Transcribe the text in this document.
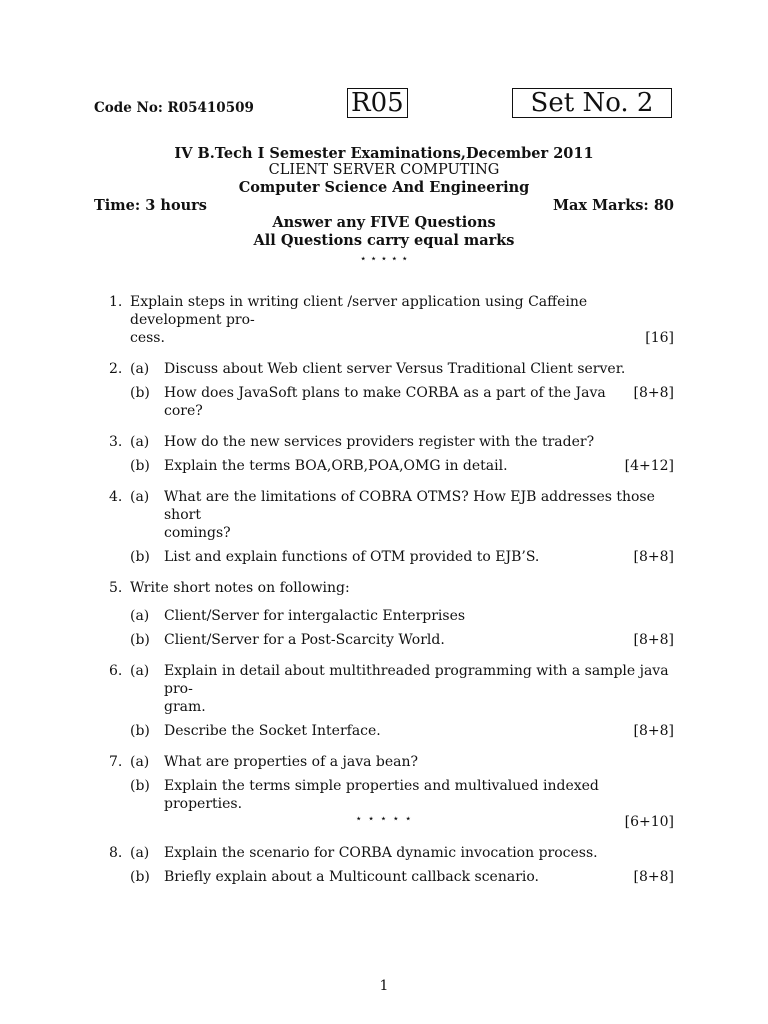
Code No: R05410509	R05	Set No. 2
IV B.Tech I Semester Examinations,December 2011
CLIENT SERVER COMPUTING
Computer Science And Engineering
Time: 3 hours	Max Marks: 80
Answer any FIVE Questions
All Questions carry equal marks
⋆ ⋆ ⋆ ⋆ ⋆
1. Explain steps in writing client /server application using Caffeine development pro-
cess.	[16]
2. (a) Discuss about Web client server Versus Traditional Client server.
(b)	[8+8]
How does JavaSoft plans to make CORBA as a part of the Java core?
3. (a) How do the new services providers register with the trader?
(b)	[4+12]
Explain the terms BOA,ORB,POA,OMG in detail.
4. (a) What are the limitations of COBRA OTMS? How EJB addresses those short
comings?
(b)	[8+8]
List and explain functions of OTM provided to EJB’S.
5. Write short notes on following:
(a) Client/Server for intergalactic Enterprises
(b)	[8+8]
Client/Server for a Post-Scarcity World.
6. (a) Explain in detail about multithreaded programming with a sample java pro-
gram.
(b)	[8+8]
Describe the Socket Interface.
7. (a) What are properties of a java bean?
(b) Explain the terms simple properties and multivalued indexed properties.
[6+10]
8. (a) Explain the scenario for CORBA dynamic invocation process.
(b)	[8+8]
Briefly explain about a Multicount callback scenario.
⋆ ⋆ ⋆ ⋆ ⋆
1
